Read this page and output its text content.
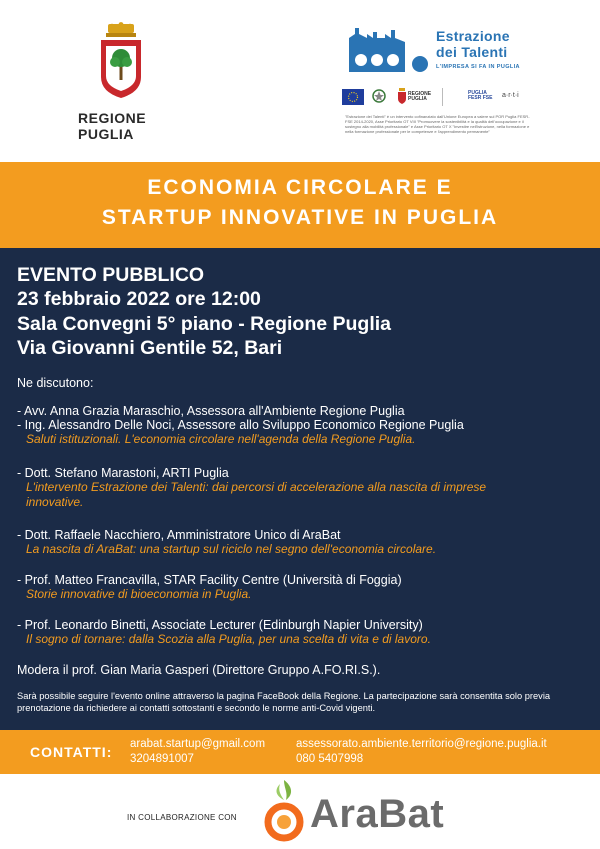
REGIONE PUGLIA
Estrazione
dei Talenti
L'IMPRESA SI FA IN PUGLIA
REGIONE PUGLIA
PUGLIA FESR FSE	a·r·t·i
"Estrazione dei Talenti" è un intervento cofinanziato dall'Unione Europea a valere sul POR Puglia FESR-FSE 2014-2020, Asse Prioritario OT VIII "Promuovere la sostenibilità e la qualità dell'occupazione e il sostegno alla mobilità professionale" e Asse Prioritario OT X "Investire nell'istruzione, nella formazione e nella formazione professionale per le competenze e l'apprendimento permanente"
ECONOMIA CIRCOLARE E
STARTUP INNOVATIVE IN PUGLIA
EVENTO PUBBLICO
23 febbraio 2022 ore 12:00
Sala Convegni 5° piano - Regione Puglia
Via Giovanni Gentile 52, Bari
Ne discutono:
- Avv. Anna Grazia Maraschio, Assessora all'Ambiente Regione Puglia
- Ing. Alessandro Delle Noci, Assessore allo Sviluppo Economico Regione Puglia
Saluti istituzionali. L'economia circolare nell'agenda della Regione Puglia.
- Dott. Stefano Marastoni, ARTI Puglia
L'intervento Estrazione dei Talenti: dai percorsi di accelerazione alla nascita di imprese
innovative.
- Dott. Raffaele Nacchiero, Amministratore Unico di AraBat
La nascita di AraBat: una startup sul riciclo nel segno dell'economia circolare.
- Prof. Matteo Francavilla, STAR Facility Centre (Università di Foggia)
Storie innovative di bioeconomia in Puglia.
- Prof. Leonardo Binetti, Associate Lecturer (Edinburgh Napier University)
Il sogno di tornare: dalla Scozia alla Puglia, per una scelta di vita e di lavoro.
Modera il prof. Gian Maria Gasperi (Direttore Gruppo A.FO.RI.S.).
Sarà possibile seguire l'evento online attraverso la pagina FaceBook della Regione. La partecipazione sarà consentita solo previa prenotazione da richiedere ai contatti sottostanti e secondo le norme anti-Covid vigenti.
CONTATTI: arabat.startup@gmail.com
3204891007
assessorato.ambiente.territorio@regione.puglia.it
080 5407998
IN COLLABORAZIONE CON AraBat
